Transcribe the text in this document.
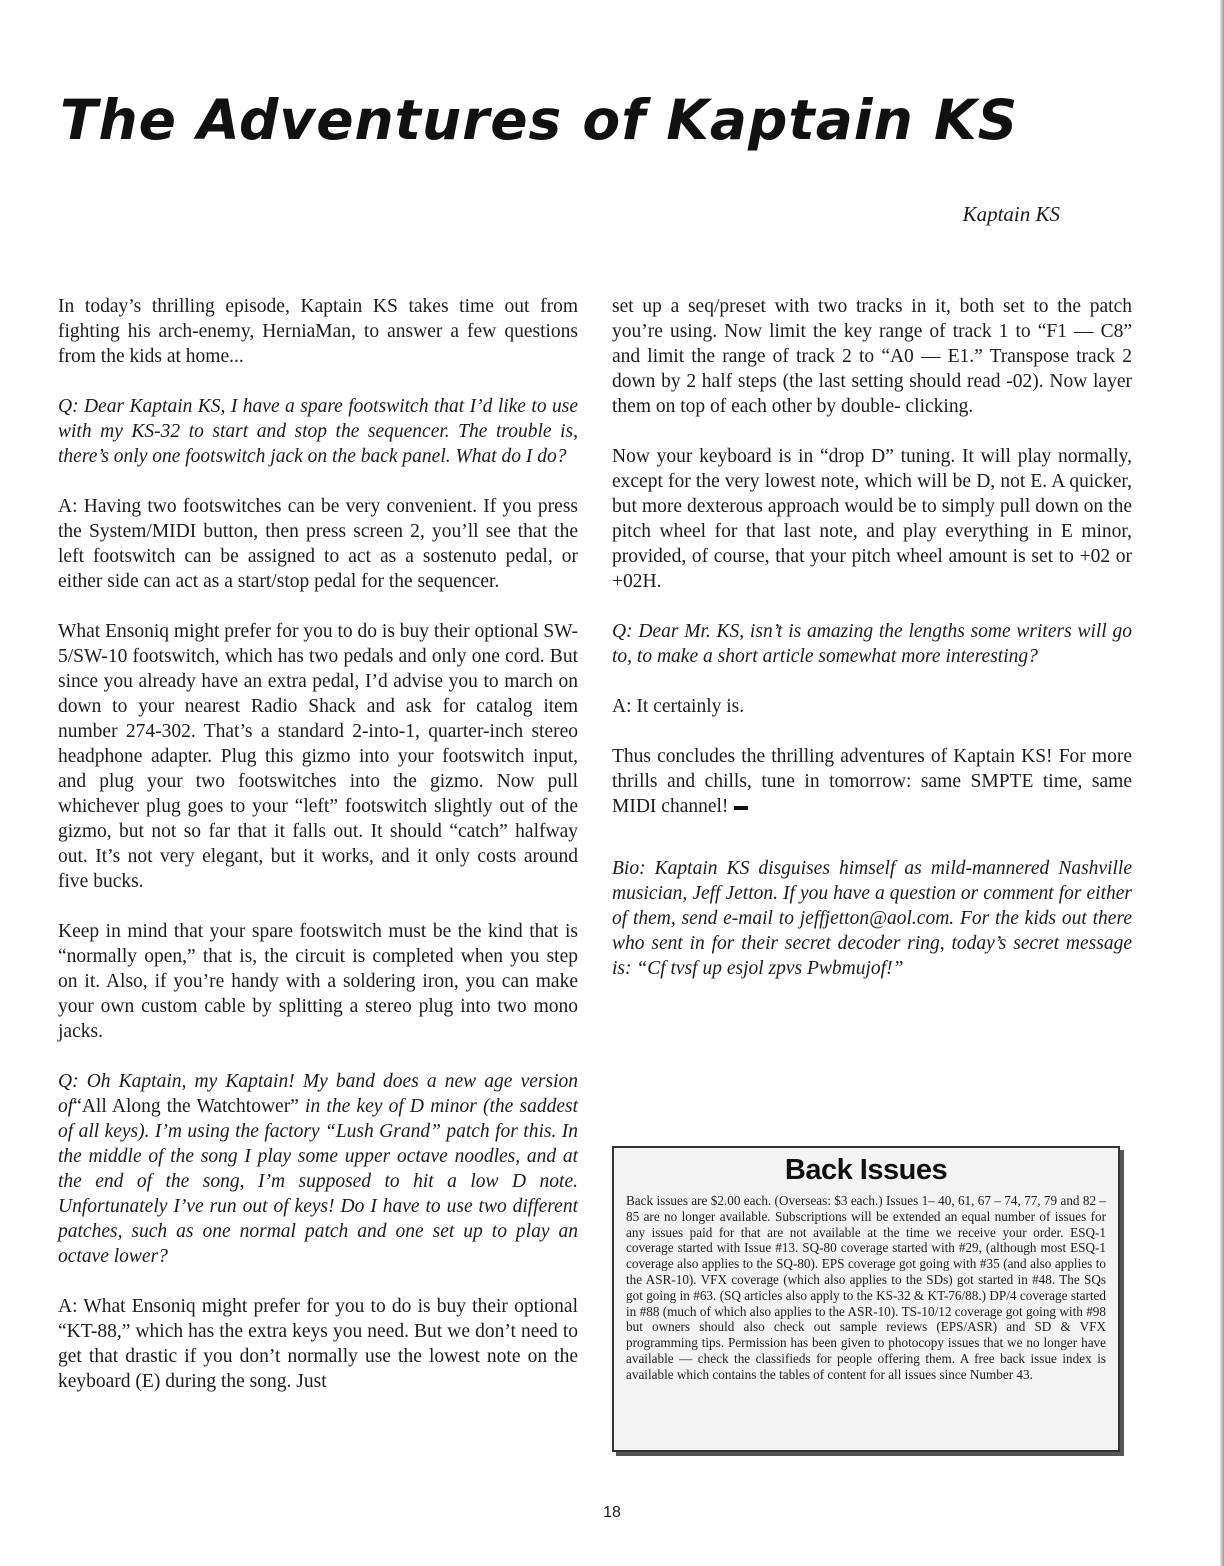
The Adventures of Kaptain KS
Kaptain KS

In today’s thrilling episode, Kaptain KS takes time out from fighting his arch-enemy, HerniaMan, to answer a few questions from the kids at home...

Q: Dear Kaptain KS, I have a spare footswitch that I’d like to use with my KS-32 to start and stop the sequencer. The trouble is, there’s only one footswitch jack on the back panel. What do I do?

A: Having two footswitches can be very convenient. If you press the System/MIDI button, then press screen 2, you’ll see that the left footswitch can be assigned to act as a sostenuto pedal, or either side can act as a start/stop pedal for the sequencer.

What Ensoniq might prefer for you to do is buy their optional SW-5/SW-10 footswitch, which has two pedals and only one cord. But since you already have an extra pedal, I’d advise you to march on down to your nearest Radio Shack and ask for catalog item number 274-302. That’s a standard 2-into-1, quarter-inch stereo headphone adapter. Plug this gizmo into your footswitch input, and plug your two footswitches into the gizmo. Now pull whichever plug goes to your “left” footswitch slightly out of the gizmo, but not so far that it falls out. It should “catch” halfway out. It’s not very elegant, but it works, and it only costs around five bucks.

Keep in mind that your spare footswitch must be the kind that is “normally open,” that is, the circuit is completed when you step on it. Also, if you’re handy with a soldering iron, you can make your own custom cable by splitting a stereo plug into two mono jacks.

Q: Oh Kaptain, my Kaptain! My band does a new age version of“All Along the Watchtower” in the key of D minor (the saddest of all keys). I’m using the factory “Lush Grand” patch for this. In the middle of the song I play some upper octave noodles, and at the end of the song, I’m supposed to hit a low D note. Unfortunately I’ve run out of keys! Do I have to use two different patches, such as one normal patch and one set up to play an octave lower?

A: What Ensoniq might prefer for you to do is buy their optional “KT-88,” which has the extra keys you need. But we don’t need to get that drastic if you don’t normally use the lowest note on the keyboard (E) during the song. Just

set up a seq/preset with two tracks in it, both set to the patch you’re using. Now limit the key range of track 1 to “F1 — C8” and limit the range of track 2 to “A0 — E1.” Transpose track 2 down by 2 half steps (the last setting should read -02). Now layer them on top of each other by double- clicking.

Now your keyboard is in “drop D” tuning. It will play normally, except for the very lowest note, which will be D, not E. A quicker, but more dexterous approach would be to simply pull down on the pitch wheel for that last note, and play everything in E minor, provided, of course, that your pitch wheel amount is set to +02 or +02H.

Q: Dear Mr. KS, isn’t is amazing the lengths some writers will go to, to make a short article somewhat more interesting?

A: It certainly is.

Thus concludes the thrilling adventures of Kaptain KS! For more thrills and chills, tune in tomorrow: same SMPTE time, same MIDI channel!

Bio: Kaptain KS disguises himself as mild-mannered Nashville musician, Jeff Jetton. If you have a question or comment for either of them, send e-mail to jeffjetton@aol.com. For the kids out there who sent in for their secret decoder ring, today’s secret message is: “Cf tvsf up esjol zpvs Pwbmujof!”

Back Issues

Back issues are $2.00 each. (Overseas: $3 each.) Issues 1– 40, 61, 67 – 74, 77, 79 and 82 – 85 are no longer available. Subscriptions will be extended an equal number of issues for any issues paid for that are not available at the time we receive your order. ESQ-1 coverage started with Issue #13. SQ-80 coverage started with #29, (although most ESQ-1 coverage also applies to the SQ-80). EPS coverage got going with #35 (and also applies to the ASR-10). VFX coverage (which also applies to the SDs) got started in #48. The SQs got going in #63. (SQ articles also apply to the KS-32 & KT-76/88.) DP/4 coverage started in #88 (much of which also applies to the ASR-10). TS-10/12 coverage got going with #98 but owners should also check out sample reviews (EPS/ASR) and SD & VFX programming tips. Permission has been given to photocopy issues that we no longer have available — check the classifieds for people offering them. A free back issue index is available which contains the tables of content for all issues since Number 43.

18
